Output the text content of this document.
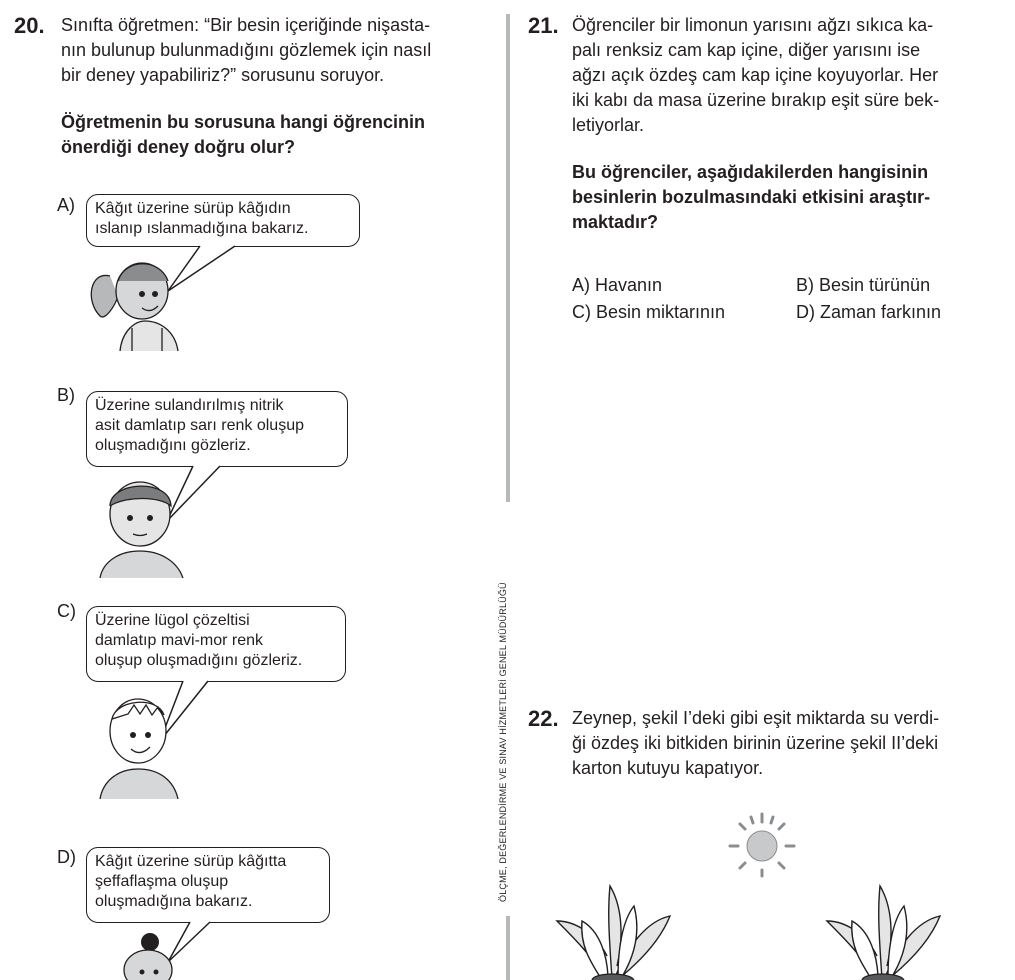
20. Sınıfta öğretmen: “Bir besin içeriğinde nişasta-
nın bulunup bulunmadığını gözlemek için nasıl
bir deney yapabiliriz?” sorusunu soruyor.
Öğretmenin bu sorusuna hangi öğrencinin
önerdiği deney doğru olur?
A) Kâğıt üzerine sürüp kâğıdın
ıslanıp ıslanmadığına bakarız.
B)
Üzerine sulandırılmış nitrik
asit damlatıp sarı renk oluşup
oluşmadığını gözleriz.
C) Üzerine lügol çözeltisi
damlatıp mavi-mor renk
oluşup oluşmadığını gözleriz.
D) Kâğıt üzerine sürüp kâğıtta
şeffaflaşma oluşup
oluşmadığına bakarız.	ÖLÇME, DEĞERLENDİRME VE SINAV HİZMETLERİ GENEL MÜDÜRLÜĞÜ
21. Öğrenciler bir limonun yarısını ağzı sıkıca ka-
palı renksiz cam kap içine, diğer yarısını ise
ağzı açık özdeş cam kap içine koyuyorlar. Her
iki kabı da masa üzerine bırakıp eşit süre bek-
letiyorlar.
Bu öğrenciler, aşağıdakilerden hangisinin
besinlerin bozulmasındaki etkisini araştır-
maktadır?
A) Havanın	B) Besin türünün
C) Besin miktarının	D) Zaman farkının
22. Zeynep, şekil I’deki gibi eşit miktarda su verdi-
ği özdeş iki bitkiden birinin üzerine şekil II’deki
karton kutuyu kapatıyor.
